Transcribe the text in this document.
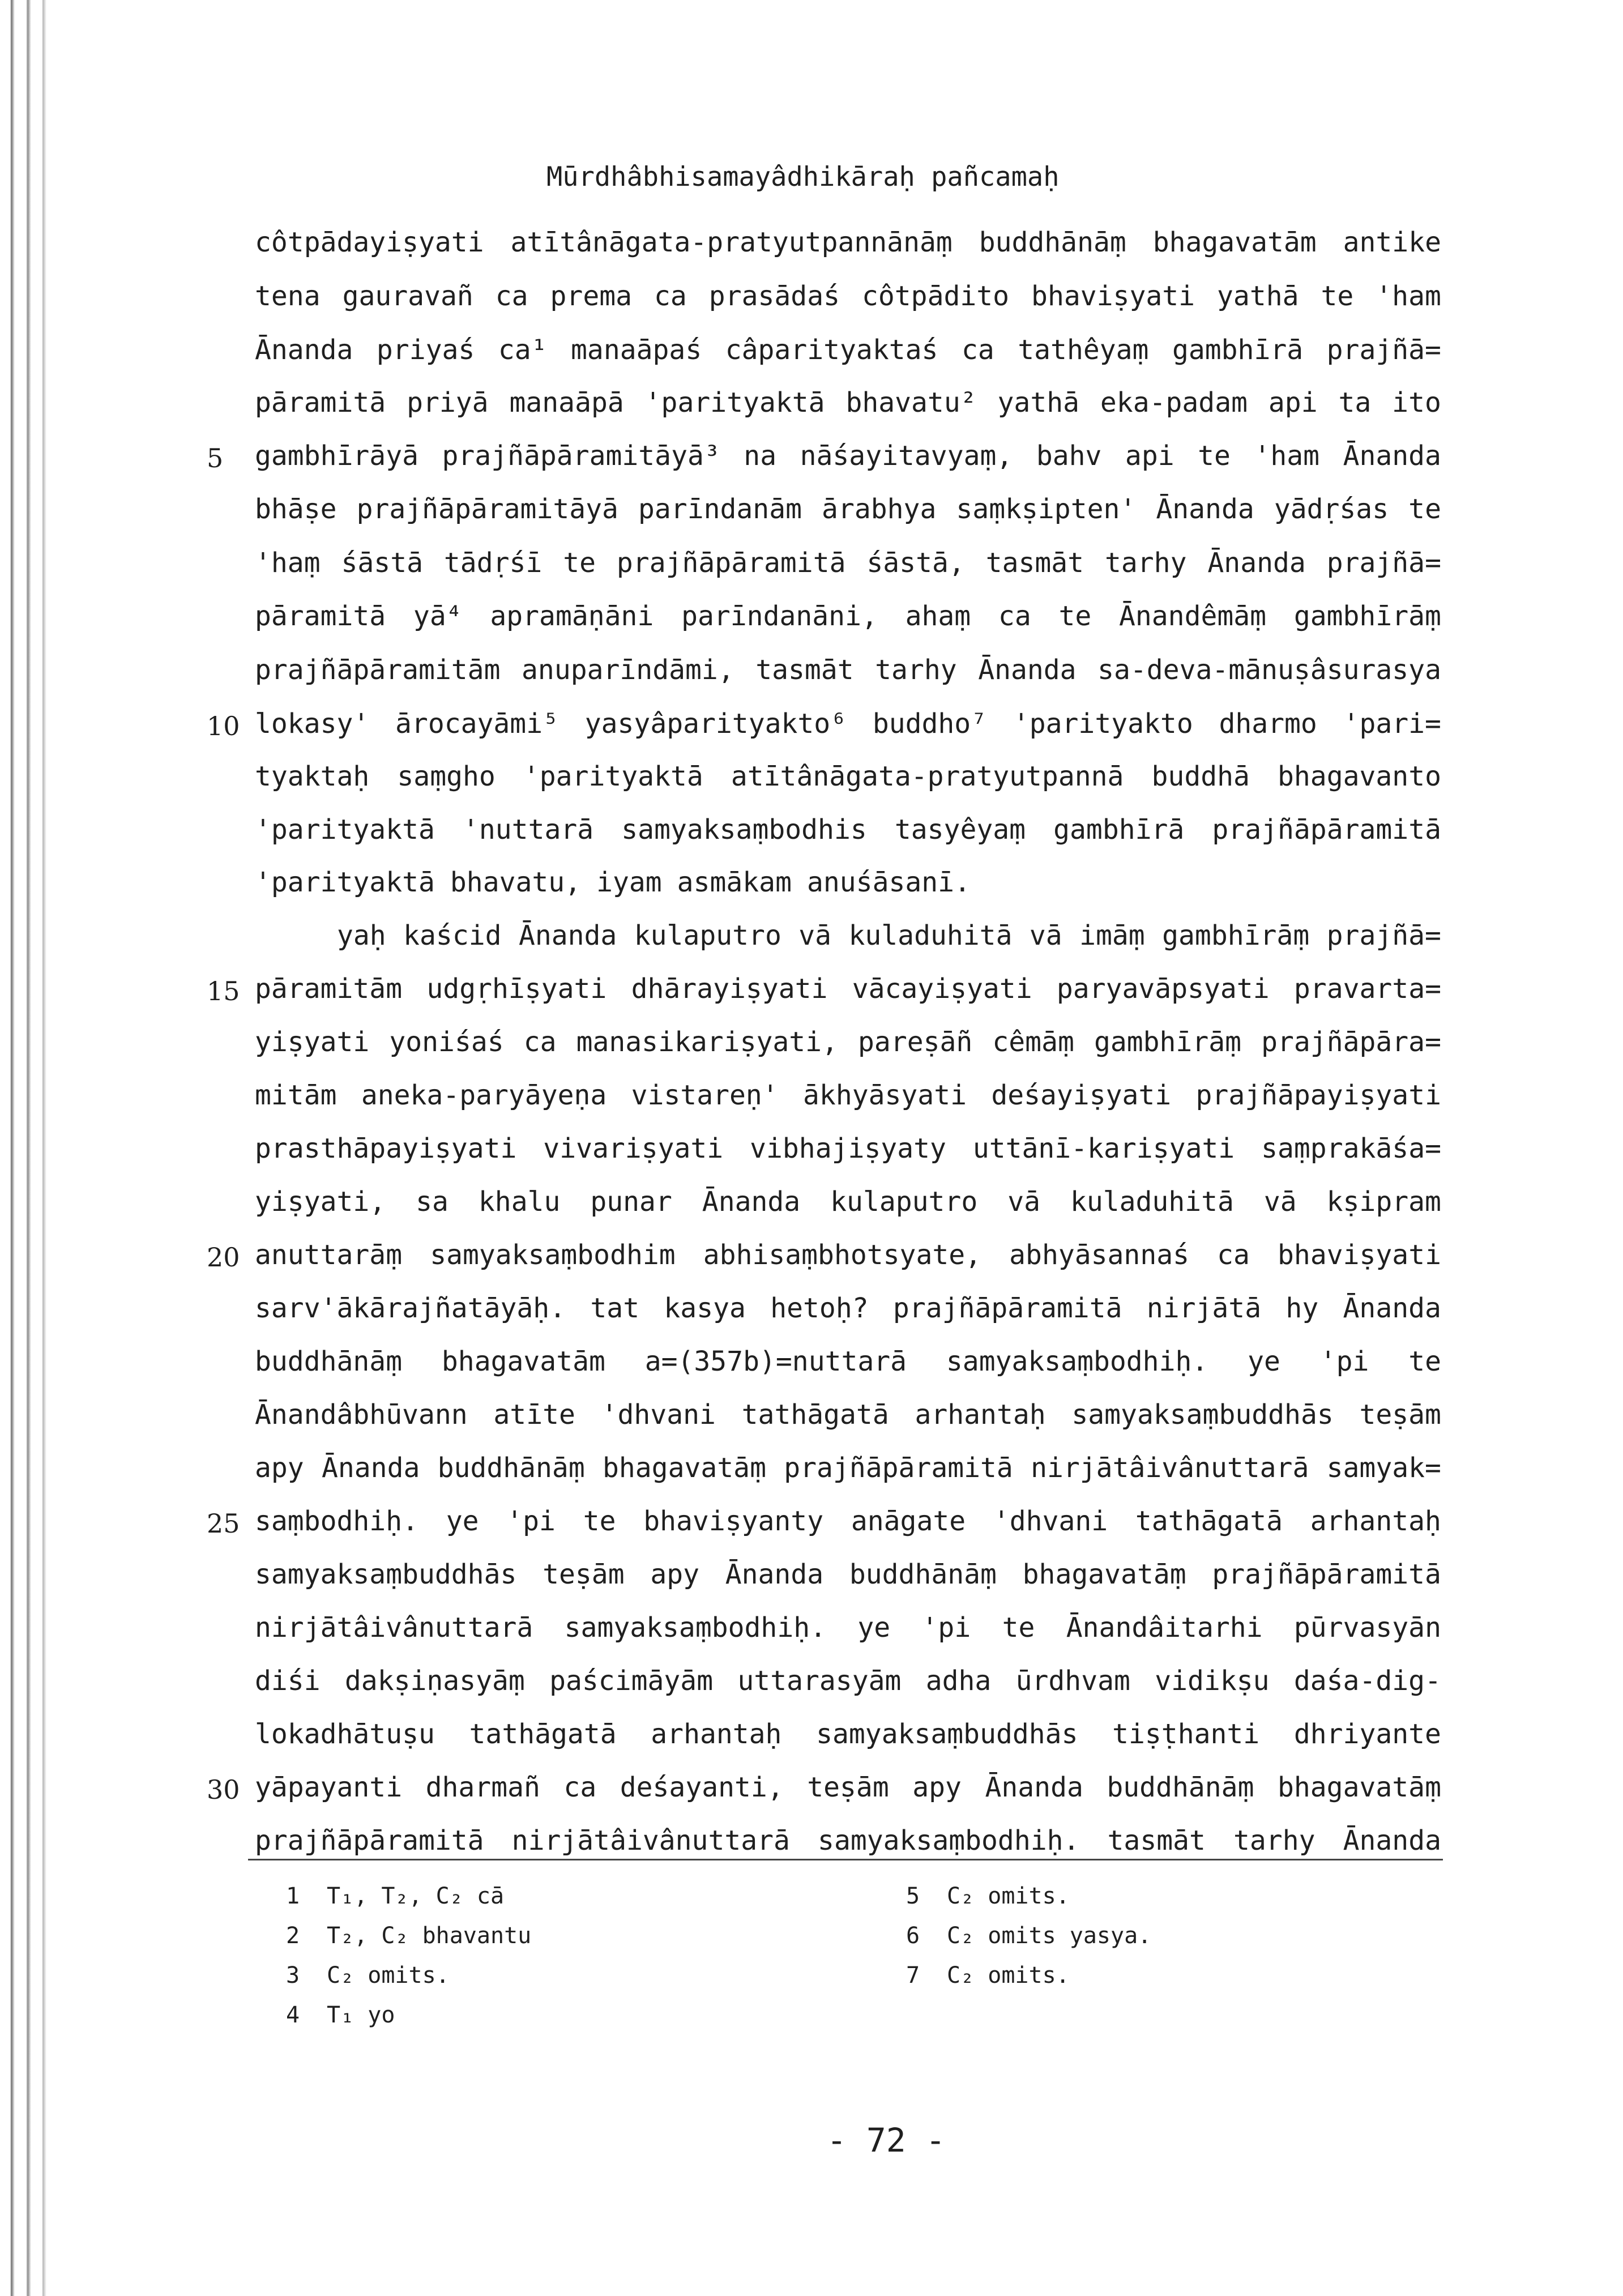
Mūrdhâbhisamayâdhikāraḥ pañcamaḥ
côtpādayiṣyati atītânāgata-pratyutpannānāṃ buddhānāṃ bhagavatām antike
tena gauravañ ca prema ca prasādaś côtpādito bhaviṣyati yathā te 'ham
Ānanda priyaś ca¹ manaāpaś câparityaktaś ca tathêyaṃ gambhīrā prajñā=
pāramitā priyā manaāpā 'parityaktā bhavatu² yathā eka-padam api ta ito
gambhīrāyā prajñāpāramitāyā³ na nāśayitavyaṃ, bahv api te 'ham Ānanda
bhāṣe prajñāpāramitāyā parīndanām ārabhya saṃkṣipten' Ānanda yādṛśas te
'haṃ śāstā tādṛśī te prajñāpāramitā śāstā, tasmāt tarhy Ānanda prajñā=
pāramitā yā⁴ apramāṇāni parīndanāni, ahaṃ ca te Ānandêmāṃ gambhīrāṃ
prajñāpāramitām anuparīndāmi, tasmāt tarhy Ānanda sa-deva-mānuṣâsurasya
lokasy' ārocayāmi⁵ yasyâparityakto⁶ buddho⁷ 'parityakto dharmo 'pari=
tyaktaḥ saṃgho 'parityaktā atītânāgata-pratyutpannā buddhā bhagavanto
'parityaktā 'nuttarā samyaksaṃbodhis tasyêyaṃ gambhīrā prajñāpāramitā
'parityaktā bhavatu, iyam asmākam anuśāsanī.
yaḥ kaścid Ānanda kulaputro vā kuladuhitā vā imāṃ gambhīrāṃ prajñā=
pāramitām udgṛhīṣyati dhārayiṣyati vācayiṣyati paryavāpsyati pravarta=
yiṣyati yoniśaś ca manasikariṣyati, pareṣāñ cêmāṃ gambhīrāṃ prajñāpāra=
mitām aneka-paryāyeṇa vistareṇ' ākhyāsyati deśayiṣyati prajñāpayiṣyati
prasthāpayiṣyati vivariṣyati vibhajiṣyaty uttānī-kariṣyati saṃprakāśa=
yiṣyati, sa khalu punar Ānanda kulaputro vā kuladuhitā vā kṣipram
anuttarāṃ samyaksaṃbodhim abhisaṃbhotsyate, abhyāsannaś ca bhaviṣyati
sarv'ākārajñatāyāḥ. tat kasya hetoḥ? prajñāpāramitā nirjātā hy Ānanda
buddhānāṃ bhagavatām a=(357b)=nuttarā samyaksaṃbodhiḥ. ye 'pi te
Ānandâbhūvann atīte 'dhvani tathāgatā arhantaḥ samyaksaṃbuddhās teṣām
apy Ānanda buddhānāṃ bhagavatāṃ prajñāpāramitā nirjātâivânuttarā samyak=
saṃbodhiḥ. ye 'pi te bhaviṣyanty anāgate 'dhvani tathāgatā arhantaḥ
samyaksaṃbuddhās teṣām apy Ānanda buddhānāṃ bhagavatāṃ prajñāpāramitā
nirjātâivânuttarā samyaksaṃbodhiḥ. ye 'pi te Ānandâitarhi pūrvasyān
diśi dakṣiṇasyāṃ paścimāyām uttarasyām adha ūrdhvam vidikṣu daśa-dig-
lokadhātuṣu tathāgatā arhantaḥ samyaksaṃbuddhās tiṣṭhanti dhriyante
yāpayanti dharmañ ca deśayanti, teṣām apy Ānanda buddhānāṃ bhagavatāṃ
prajñāpāramitā nirjātâivânuttarā samyaksaṃbodhiḥ. tasmāt tarhy Ānanda
5
10
15
20
25
30
1 T₁, T₂, C₂ cā
2 T₂, C₂ bhavantu
3 C₂ omits.
4 T₁ yo
5 C₂ omits.
6 C₂ omits yasya.
7 C₂ omits.
- 72 -
